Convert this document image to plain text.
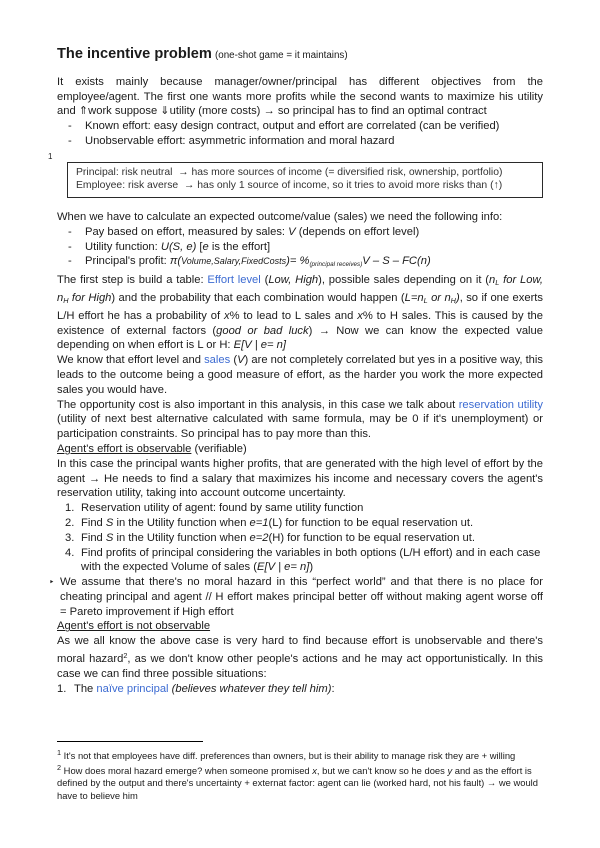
The incentive problem (one-shot game = it maintains)

It exists mainly because manager/owner/principal has different objectives from the employee/agent. The first one wants more profits while the second wants to maximize his utility and ⇑work suppose ⇓utility (more costs) → so principal has to find an optimal contract

-	Known effort: easy design contract, output and effort are correlated (can be verified)
-	Unobservable effort: asymmetric information and moral hazard
1
Principal: risk neutral  → has more sources of income (= diversified risk, ownership, portfolio)
Employee: risk averse  → has only 1 source of income, so it tries to avoid more risks than (↑)

When we have to calculate an expected outcome/value (sales) we need the following info:

-	Pay based on effort, measured by sales: V (depends on effort level)
-	Utility function: U(S, e) [e is the effort]
-	Principal's profit: π(Volume,Salary,FixedCosts)= %(principal receives)V – S – FC(n)

The first step is build a table: Effort level (Low, High), possible sales depending on it (nL for Low, nH for High) and the probability that each combination would happen (L=nL or nH), so if one exerts L/H effort he has a probability of x% to lead to L sales and x% to H sales. This is caused by the existence of external factors (good or bad luck) → Now we can know the expected value depending on when effort is L or H: E[V | e= n]

We know that effort level and sales (V) are not completely correlated but yes in a positive way, this leads to the outcome being a good measure of effort, as the harder you work the more expected sales you would have.

The opportunity cost is also important in this analysis, in this case we talk about reservation utility (utility of next best alternative calculated with same formula, may be 0 if it's unemployment) or participation constraints. So principal has to pay more than this.

Agent's effort is observable (verifiable)

In this case the principal wants higher profits, that are generated with the high level of effort by the agent → He needs to find a salary that maximizes his income and necessary covers the agent's reservation utility, taking into account outcome uncertainty.

1. Reservation utility of agent: found by same utility function
2. Find S in the Utility function when e=1(L) for function to be equal reservation ut.
3. Find S in the Utility function when e=2(H) for function to be equal reservation ut.
4. Find profits of principal considering the variables in both options (L/H effort) and in each case with the expected Volume of sales (E[V | e= n])
‣ We assume that there's no moral hazard in this “perfect world” and that there is no place for cheating principal and agent // H effort makes principal better off without making agent worse off = Pareto improvement if High effort

Agent's effort is not observable

As we all know the above case is very hard to find because effort is unobservable and there's moral hazard$^2$, as we don't know other people's actions and he may act opportunistically. In this case we can find three possible situations:

1. The naïve principal (believes whatever they tell him):

$^1$ It's not that employees have diff. preferences than owners, but is their ability to manage risk they are + willing

$^2$ How does moral hazard emerge? when someone promised x, but we can't know so he does y and as the effort is defined by the output and there's uncertainty + externat factor: agent can lie (worked hard, not his fault) → we would have to believe him
